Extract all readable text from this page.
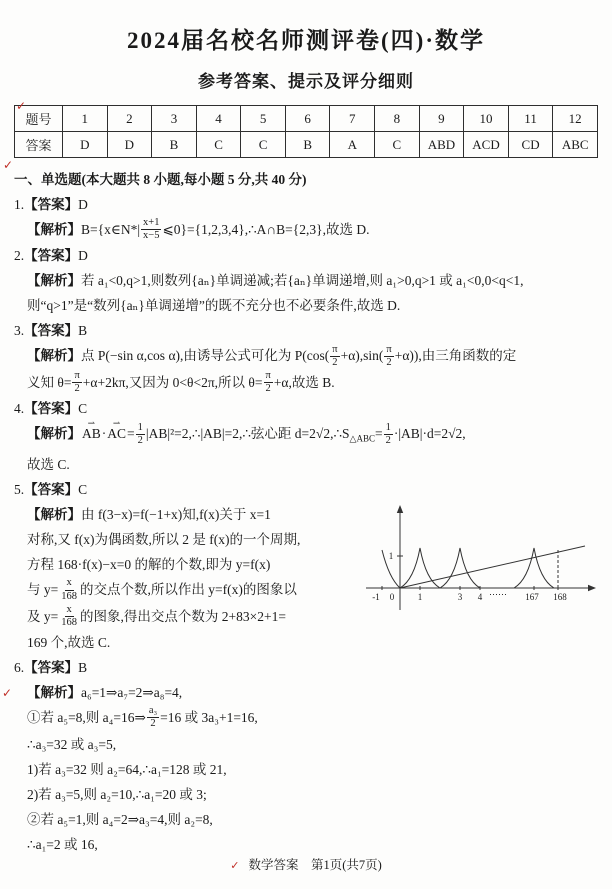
2024届名校名师测评卷(四)·数学
参考答案、提示及评分细则
题号	1	2	3	4	5	6	7	8	9	10	11	12
答案	D	D	B	C	C	B	A	C	ABD	ACD	CD	ABC
一、单选题(本大题共 8 小题,每小题 5 分,共 40 分)
1.【答案】D
【解析】B={x∈N*| $\frac{x+1}{x-5}$ ⩽0}={1,2,3,4},∴A∩B={2,3},故选 D.
2.【答案】D
【解析】若 a₁<0,q>1,则数列{aₙ}单调递减;若{aₙ}单调递增,则 a₁>0,q>1 或 a₁<0,0<q<1,
则“q>1”是“数列{aₙ}单调递增”的既不充分也不必要条件,故选 D.
3.【答案】B
【解析】点 P(−sin α,cos α),由诱导公式可化为 $P(\cos( \frac{\pi}{2} +\alpha),\sin( \frac{\pi}{2} +\alpha))$,由三角函数的定
义知 $\theta= \frac{\pi}{2} +\alpha+2k\pi$,又因为 0<θ<2π,所以 $\theta= \frac{\pi}{2} +\alpha$,故选 B.
4.【答案】C
【解析】AB ⇀·AC ⇀= $\frac{1}{2}$ |AB|²=2,∴|AB|=2,∴弦心距 $d=2√2,\therefore S_{\triangle ABC}= \frac{1}{2} \cdot|AB|\cdot d=2√2$,
故选 C.
5.【答案】C
-1 0	1	3 4	167 168
⋯⋯
1
【解析】由 f(3−x)=f(−1+x)知,f(x)关于 x=1
对称,又 f(x)为偶函数,所以 2 是 f(x)的一个周期,
方程 168·f(x)−x=0 的解的个数,即为 y=f(x)
与 $y= \frac{x}{168}$ 的交点个数,所以作出 y=f(x)的图象以
及 $y= \frac{x}{168}$ 的图象,得出交点个数为 2+83×2+1=
169 个,故选 C.
6.【答案】B
【解析】a₆=1⇒a₇=2⇒a₈=4,
①若 a₅=8,则 a₄=16⇒ $\frac{\text{a₃}}{2} =16$ 或 3a₃+1=16,
∴a₃=32 或 a₃=5,
1)若 a₃=32 则 a₂=64,∴a₁=128 或 21,
2)若 a₃=5,则 a₂=10,∴a₁=20 或 3;
②若 a₅=1,则 a₄=2⇒a₃=4,则 a₂=8,
∴a₁=2 或 16,
✓
✓
✓
✓ 数学答案　第1页(共7页)
